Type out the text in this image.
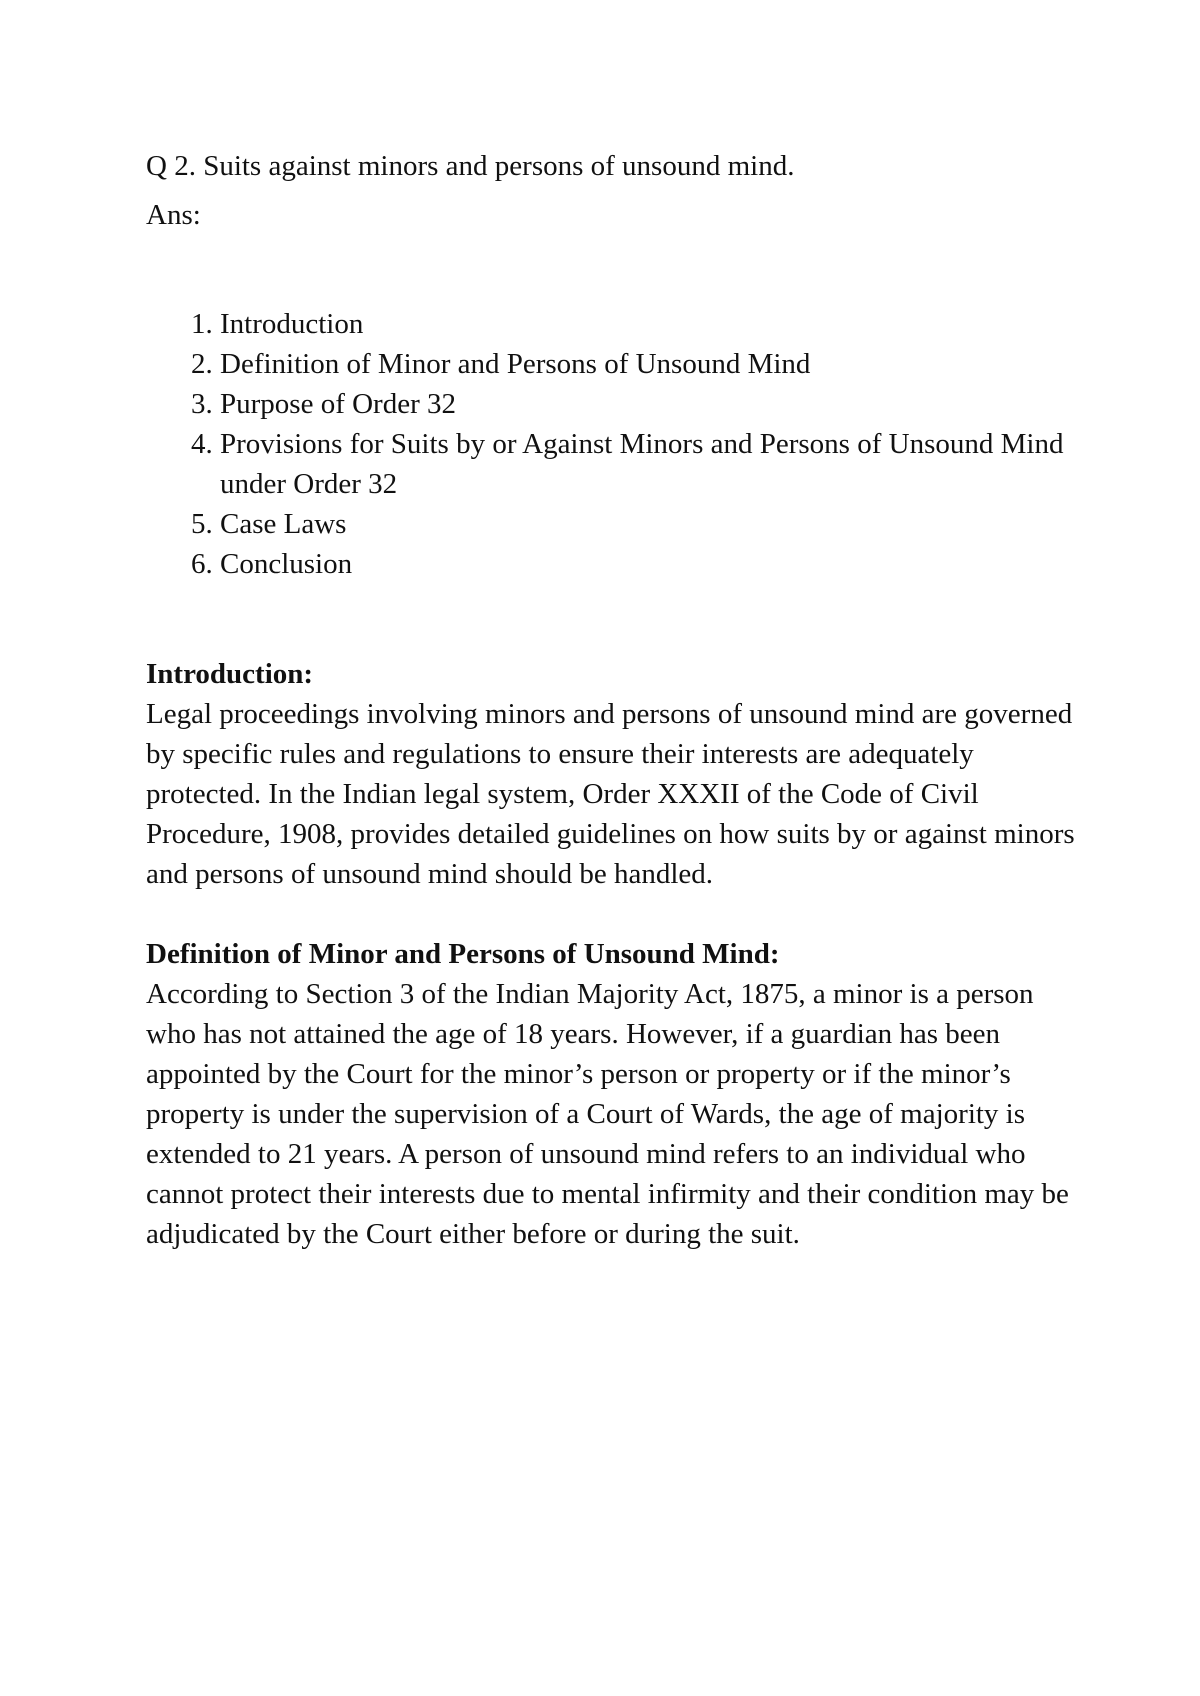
Q 2. Suits against minors and persons of unsound mind.

Ans:

1. Introduction
2. Definition of Minor and Persons of Unsound Mind
3. Purpose of Order 32
4. Provisions for Suits by or Against Minors and Persons of Unsound Mind under Order 32
5. Case Laws
6. Conclusion

Introduction:

Legal proceedings involving minors and persons of unsound mind are governed by specific rules and regulations to ensure their interests are adequately protected. In the Indian legal system, Order XXXII of the Code of Civil Procedure, 1908, provides detailed guidelines on how suits by or against minors and persons of unsound mind should be handled.

Definition of Minor and Persons of Unsound Mind:

According to Section 3 of the Indian Majority Act, 1875, a minor is a person who has not attained the age of 18 years. However, if a guardian has been appointed by the Court for the minor’s person or property or if the minor’s property is under the supervision of a Court of Wards, the age of majority is extended to 21 years. A person of unsound mind refers to an individual who cannot protect their interests due to mental infirmity and their condition may be adjudicated by the Court either before or during the suit.
